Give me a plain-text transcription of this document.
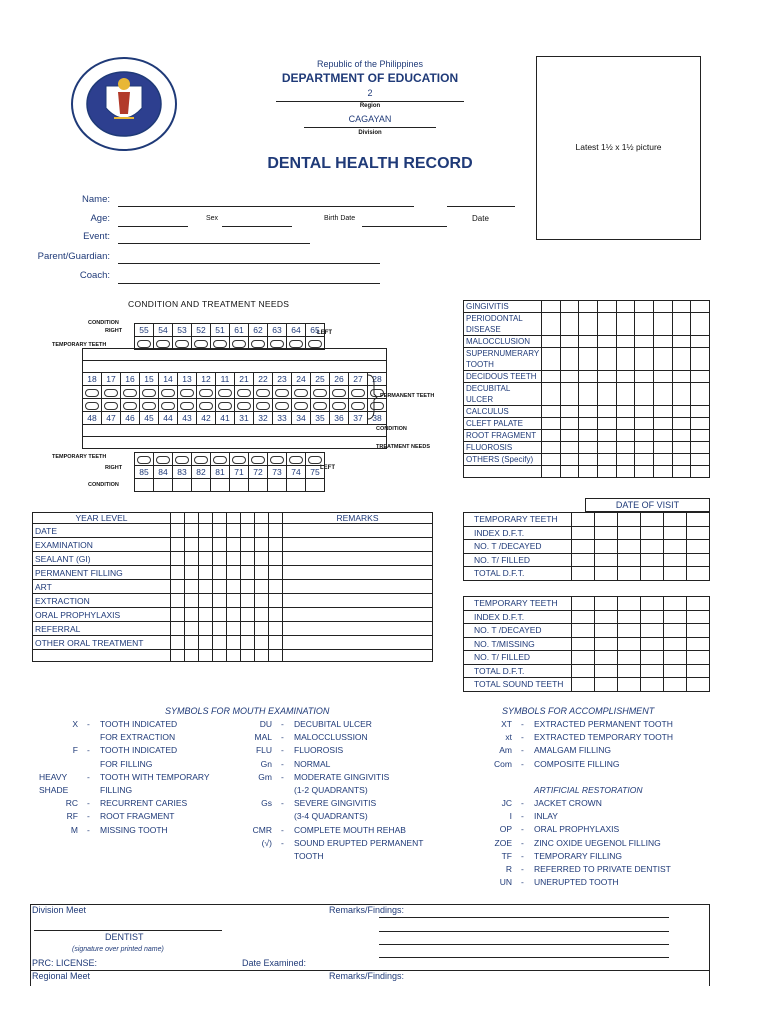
Republic of the Philippines
DEPARTMENT OF EDUCATION
2
Region
CAGAYAN
Division
DENTAL HEALTH RECORD
Latest 1½ x 1½ picture
Name:
Age:	Sex	Birth Date	Date
Event:
Parent/Guardian:
Coach:
CONDITION AND TREATMENT NEEDS
CONDITION
RIGHT
TEMPORARY TEETH
LEFT
55	54	53	52	51	61	62	63	64	65

18	17	16	15	14	13	12	11	21	22	23	24	25	26	27	28

48	47	46	45	44	43	42	41	31	32	33	34	35	36	37	38

PERMANENT TEETH
CONDITION
TREATMENT NEEDS
TEMPORARY TEETH
RIGHT	LEFT
CONDITION

85	84	83	82	81	71	72	73	74	75

GINGIVITIS									
PERIODONTAL DISEASE									
MALOCCLUSION									
SUPERNUMERARY TOOTH									
DECIDOUS TEETH									
DECUBITAL ULCER									
CALCULUS									
CLEFT PALATE									
ROOT FRAGMENT									
FLUOROSIS									
OTHERS (Specify)									

YEAR LEVEL									REMARKS
DATE									
EXAMINATION									
SEALANT (GI)									
PERMANENT FILLING									
ART									
EXTRACTION									
ORAL PROPHYLAXIS									
REFERRAL									
OTHER ORAL TREATMENT									

DATE OF VISIT
TEMPORARY TEETH						
INDEX D.F.T.						
NO. T /DECAYED						
NO. T/ FILLED						
TOTAL D.F.T.						
TEMPORARY TEETH						
INDEX D.F.T.						
NO. T /DECAYED						
NO. T/MISSING						
NO. T/ FILLED						
TOTAL D.F.T.						
TOTAL SOUND TEETH						
SYMBOLS FOR MOUTH EXAMINATION
X - TOOTH INDICATED
FOR EXTRACTION
F - TOOTH INDICATED
FOR FILLING
HEAVY	- TOOTH WITH TEMPORARY
SHADE	FILLING
RC - RECURRENT CARIES
RF - ROOT FRAGMENT
M - MISSING TOOTH
DU - DECUBITAL ULCER
MAL - MALOCCLUSSION
FLU - FLUOROSIS
Gn - NORMAL
Gm - MODERATE GINGIVITIS
(1-2 QUADRANTS)
Gs - SEVERE GINGIVITIS
(3-4 QUADRANTS)
CMR - COMPLETE MOUTH REHAB
(√) - SOUND ERUPTED PERMANENT
TOOTH
SYMBOLS FOR ACCOMPLISHMENT
XT - EXTRACTED PERMANENT TOOTH
xt - EXTRACTED TEMPORARY TOOTH
Am - AMALGAM FILLING
Com - COMPOSITE FILLING
ARTIFICIAL RESTORATION
JC - JACKET CROWN
I - INLAY
OP - ORAL PROPHYLAXIS
ZOE - ZINC OXIDE UEGENOL FILLING
TF - TEMPORARY FILLING
R - REFERRED TO PRIVATE DENTIST
UN - UNERUPTED TOOTH
Division Meet	Remarks/Findings:
DENTIST
(signature over printed name)
PRC: LICENSE:	Date Examined:
Regional Meet	Remarks/Findings:
